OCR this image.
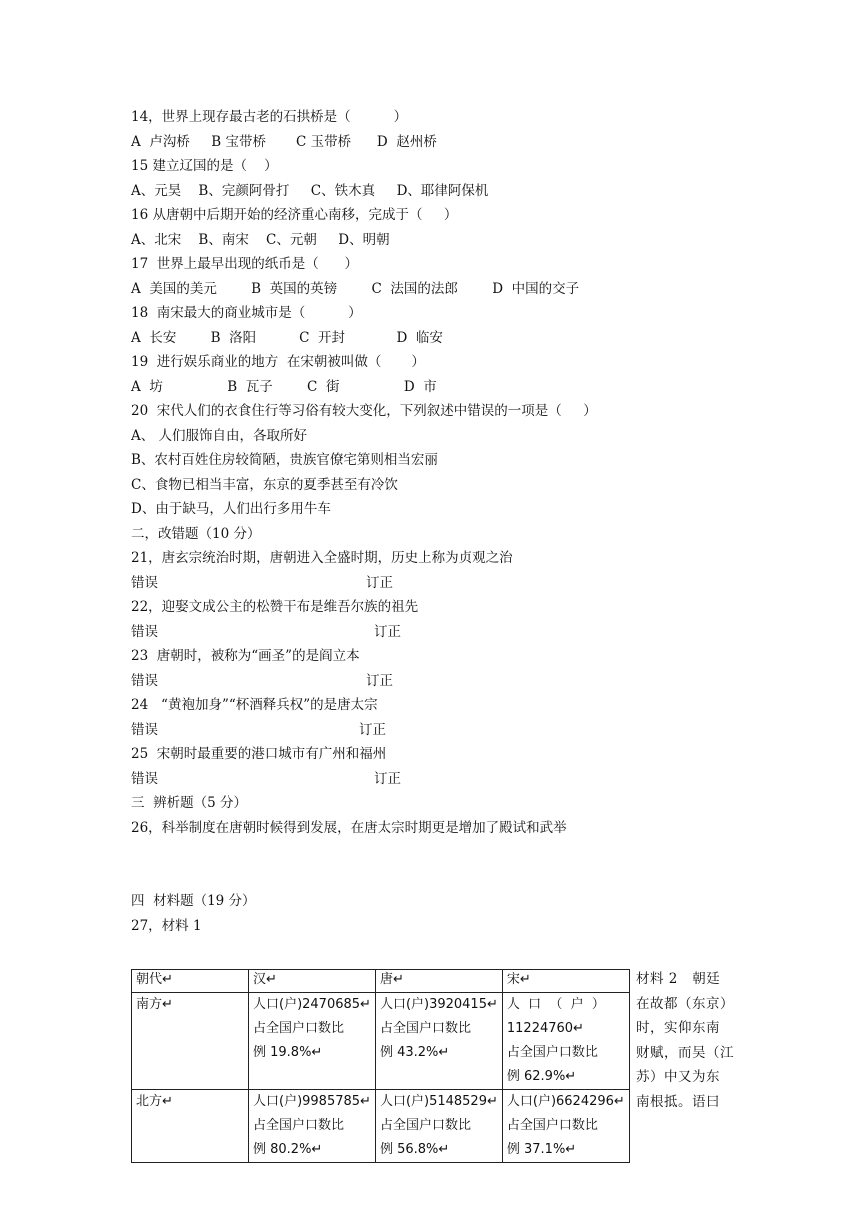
14，世界上现存最古老的石拱桥是（          ）
A  卢沟桥     B 宝带桥       C 玉带桥      D  赵州桥
15 建立辽国的是（    ）
A、元昊    B、完颜阿骨打     C、铁木真     D、耶律阿保机
16 从唐朝中后期开始的经济重心南移，完成于（     ）
A、北宋    B、南宋    C、元朝     D、明朝
17  世界上最早出现的纸币是（      ）
A  美国的美元        B  英国的英镑        C  法国的法郎        D  中国的交子
18  南宋最大的商业城市是（          ）
A  长安        B  洛阳          C  开封            D  临安
19  进行娱乐商业的地方  在宋朝被叫做（       ）
A  坊               B  瓦子        C  街               D  市
20  宋代人们的衣食住行等习俗有较大变化，下列叙述中错误的一项是（     ）
A、 人们服饰自由，各取所好
B、农村百姓住房较简陋，贵族官僚宅第则相当宏丽
C、食物已相当丰富，东京的夏季甚至有冷饮
D、由于缺马，人们出行多用牛车
二，改错题（10 分）
21，唐玄宗统治时期，唐朝进入全盛时期，历史上称为贞观之治
错误	订正
22，迎娶文成公主的松赞干布是维吾尔族的祖先
错误	订正
23  唐朝时，被称为“画圣”的是阎立本
错误	订正
24   “黄袍加身”“杯酒释兵权”的是唐太宗
错误	订正
25  宋朝时最重要的港口城市有广州和福州
错误	订正
三  辨析题（5 分）
26，科举制度在唐朝时候得到发展，在唐太宗时期更是增加了殿试和武举
四  材料题（19 分）
27，材料 1
朝代↵	汉↵	唐↵	宋↵
南方↵	人口(户)2470685↵
占全国户口数比
例 19.8%↵	人口(户)3920415↵
占全国户口数比
例 43.2%↵	人  口  （  户  ）
11224760↵
占全国户口数比
例 62.9%↵
北方↵	人口(户)9985785↵
占全国户口数比
例 80.2%↵	人口(户)5148529↵
占全国户口数比
例 56.8%↵	人口(户)6624296↵
占全国户口数比
例 37.1%↵
材料 2   朝廷
在故都（东京）
时，实仰东南
财赋，而吴（江
苏）中又为东
南根抵。语曰
